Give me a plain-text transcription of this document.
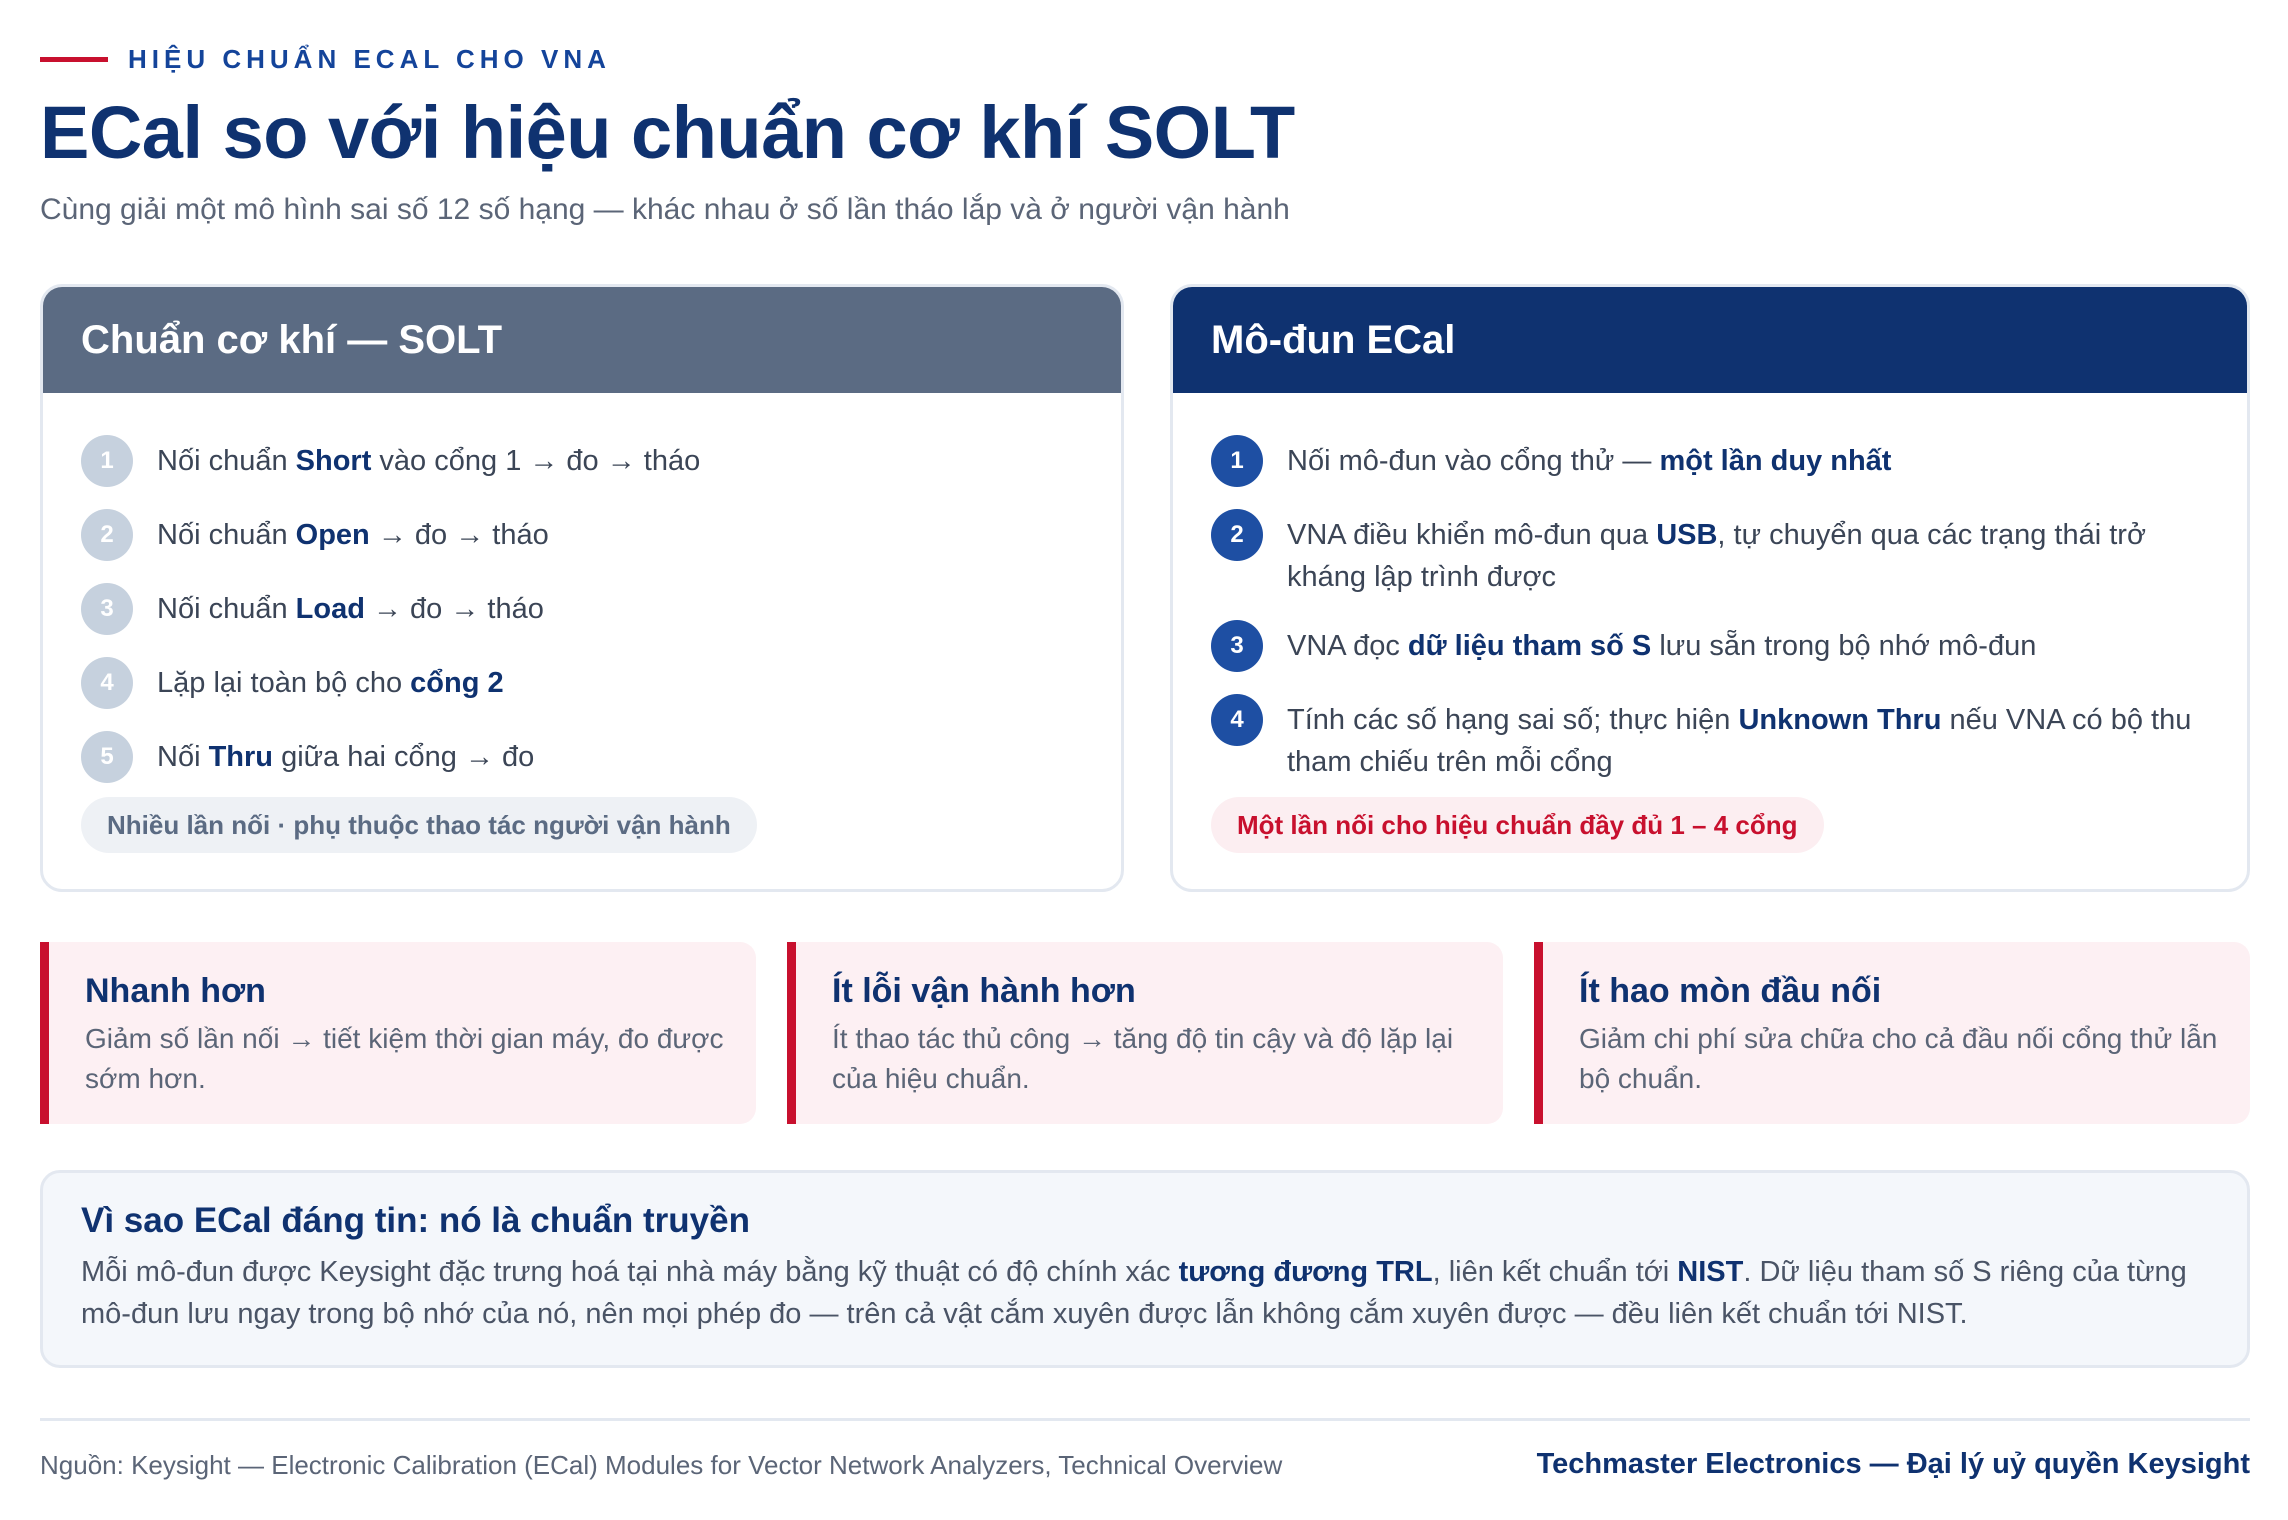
HIỆU CHUẨN ECAL CHO VNA
ECal so với hiệu chuẩn cơ khí SOLT
Cùng giải một mô hình sai số 12 số hạng — khác nhau ở số lần tháo lắp và ở người vận hành
Chuẩn cơ khí — SOLT
1	Nối chuẩn Short vào cổng 1 → đo → tháo
2	Nối chuẩn Open → đo → tháo
3	Nối chuẩn Load → đo → tháo
4	Lặp lại toàn bộ cho cổng 2
5	Nối Thru giữa hai cổng → đo
Nhiều lần nối · phụ thuộc thao tác người vận hành
Mô-đun ECal
1	Nối mô-đun vào cổng thử — một lần duy nhất
2	VNA điều khiển mô-đun qua USB, tự chuyển qua các trạng thái trở kháng lập trình được
3	VNA đọc dữ liệu tham số S lưu sẵn trong bộ nhớ mô-đun
4	Tính các số hạng sai số; thực hiện Unknown Thru nếu VNA có bộ thu tham chiếu trên mỗi cổng
Một lần nối cho hiệu chuẩn đầy đủ 1 – 4 cổng
Nhanh hơn
Giảm số lần nối → tiết kiệm thời gian máy, đo được sớm hơn.
Ít lỗi vận hành hơn
Ít thao tác thủ công → tăng độ tin cậy và độ lặp lại của hiệu chuẩn.
Ít hao mòn đầu nối
Giảm chi phí sửa chữa cho cả đầu nối cổng thử lẫn bộ chuẩn.
Vì sao ECal đáng tin: nó là chuẩn truyền
Mỗi mô-đun được Keysight đặc trưng hoá tại nhà máy bằng kỹ thuật có độ chính xác tương đương TRL, liên kết chuẩn tới NIST. Dữ liệu tham số S riêng của từng mô-đun lưu ngay trong bộ nhớ của nó, nên mọi phép đo — trên cả vật cắm xuyên được lẫn không cắm xuyên được — đều liên kết chuẩn tới NIST.
Nguồn: Keysight — Electronic Calibration (ECal) Modules for Vector Network Analyzers, Technical Overview	Techmaster Electronics — Đại lý uỷ quyền Keysight
